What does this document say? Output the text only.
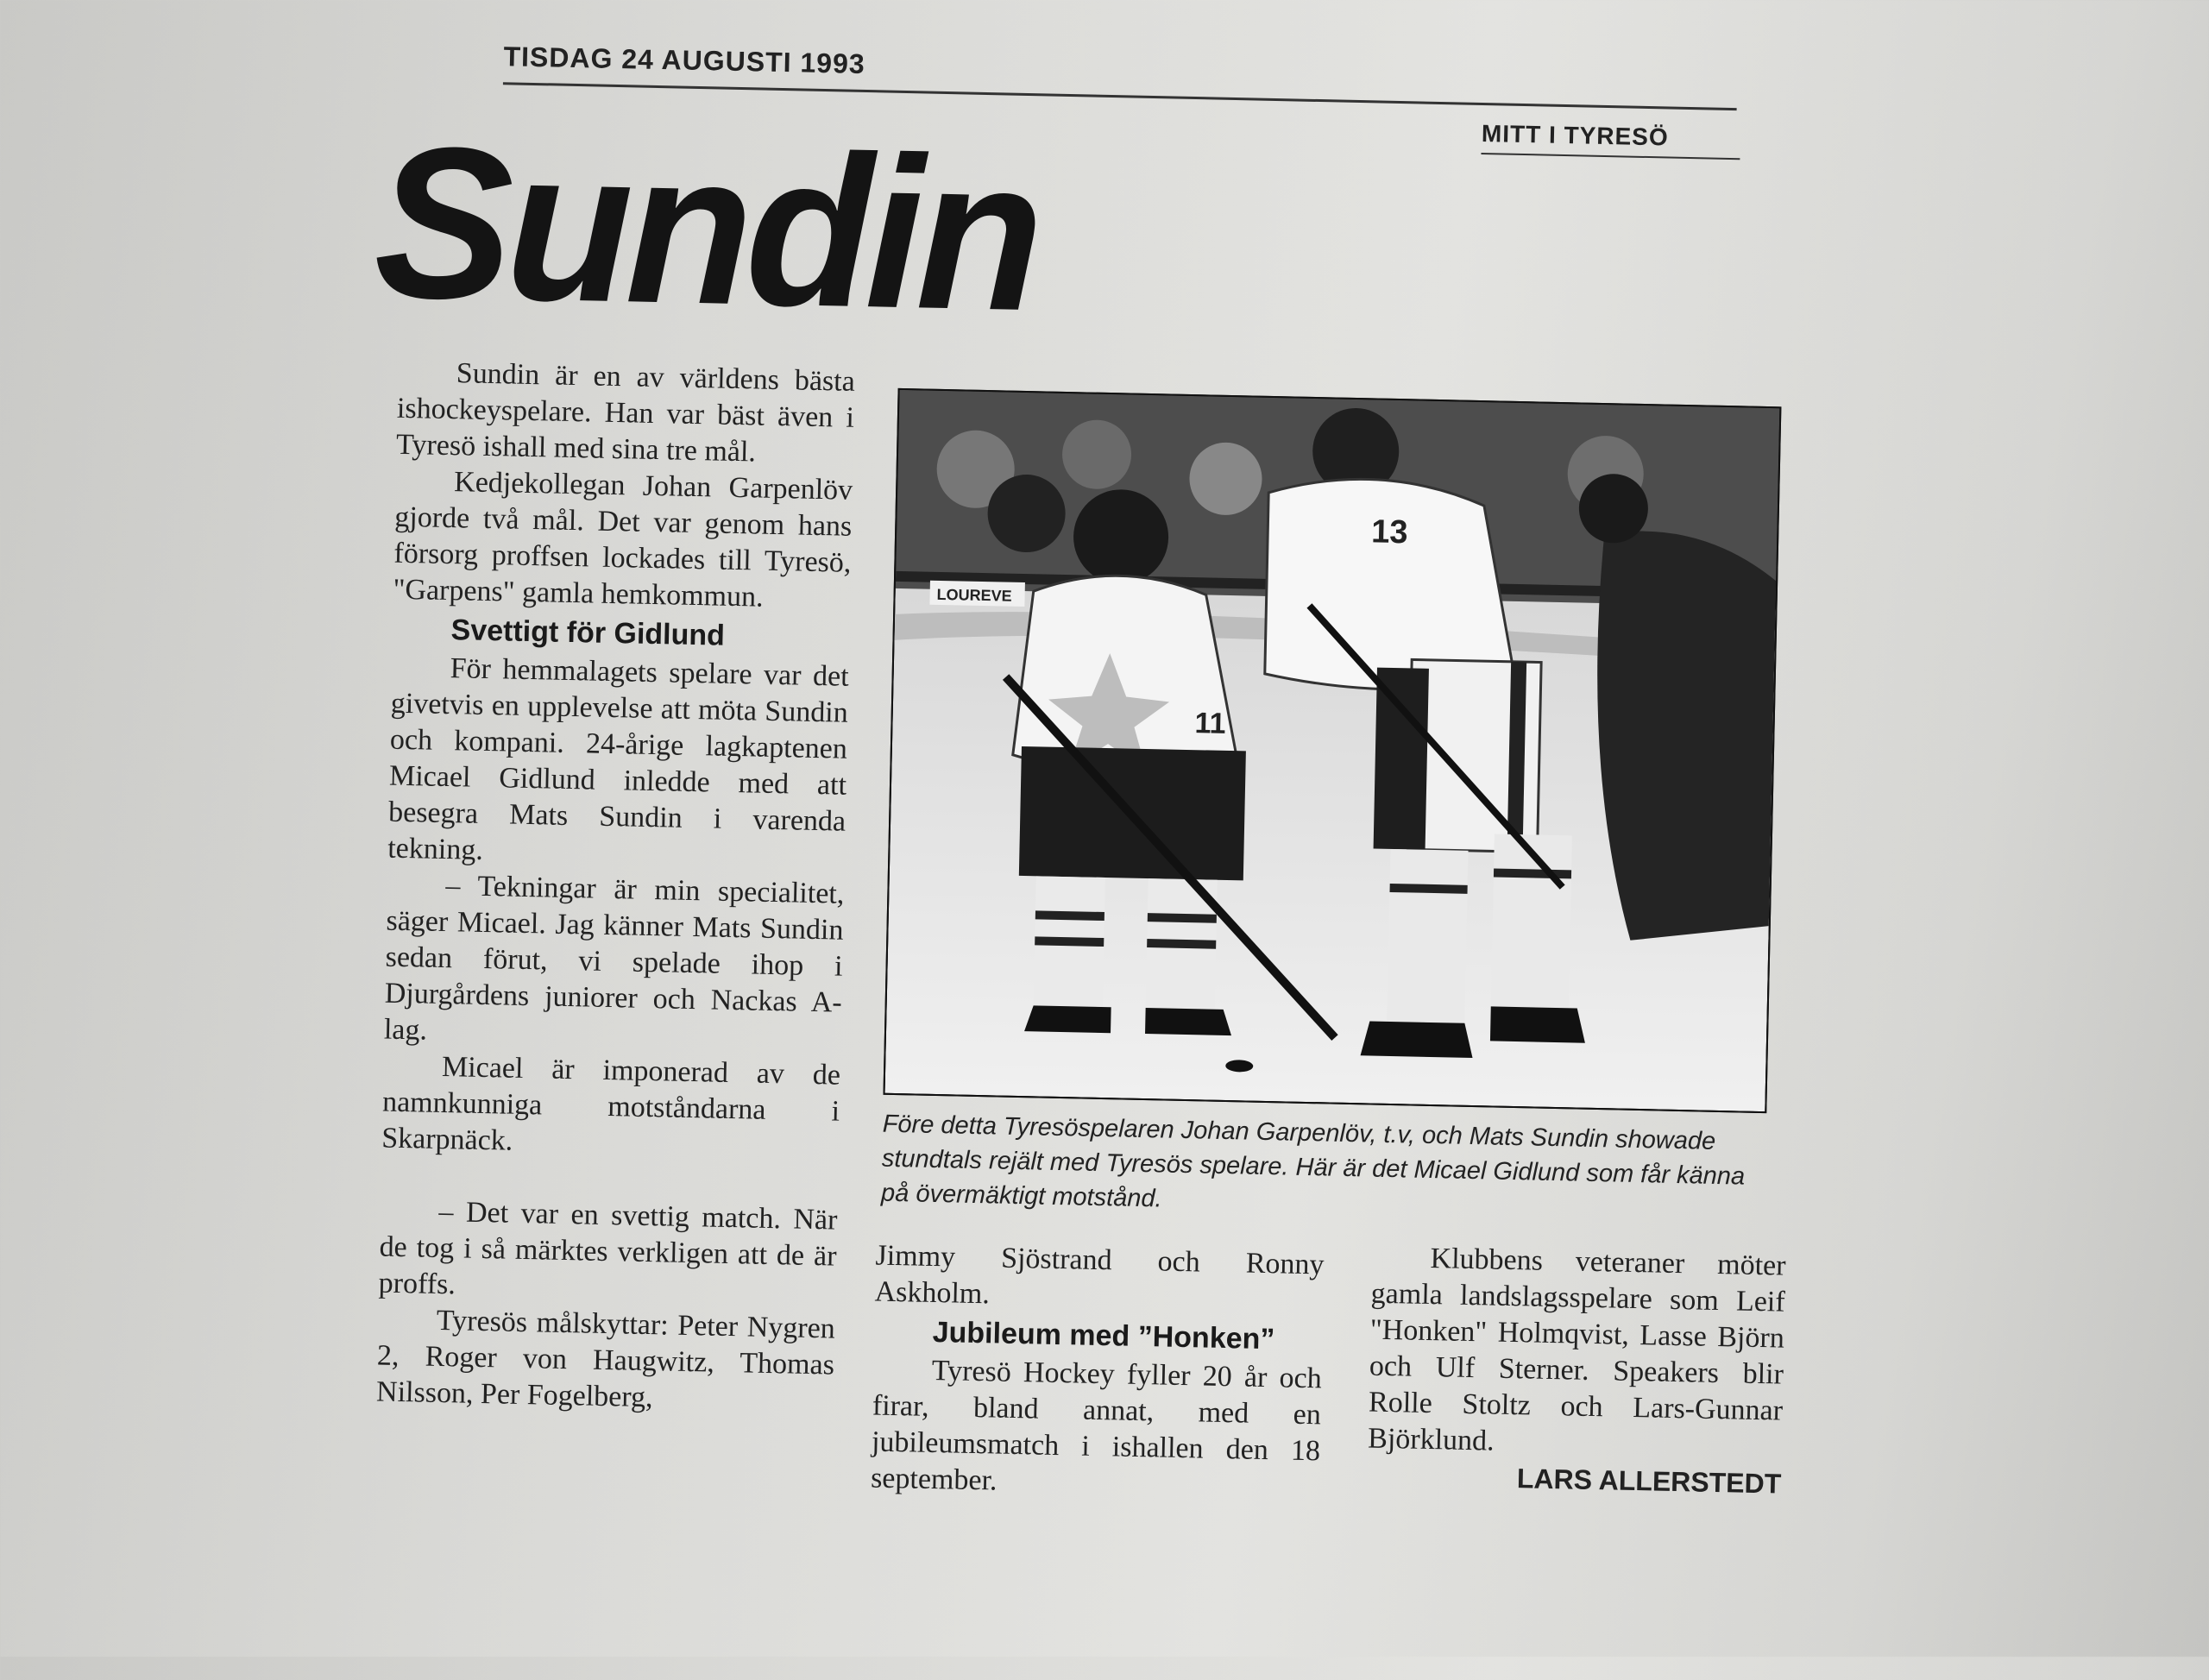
TISDAG 24 AUGUSTI 1993
MITT I TYRESÖ
Sundin

Sundin är en av världens bästa ishockeyspelare. Han var bäst även i Tyresö ishall med sina tre mål.

Kedjekollegan Johan Garpenlöv gjorde två mål. Det var genom hans försorg proffsen lockades till Tyresö, "Garpens" gamla hemkommun.

Svettigt för Gidlund

För hemmalagets spelare var det givetvis en upplevelse att möta Sundin och kompani. 24-årige lagkaptenen Micael Gidlund inledde med att besegra Mats Sundin i varenda tekning.

– Tekningar är min specialitet, säger Micael. Jag känner Mats Sundin sedan förut, vi spelade ihop i Djurgårdens juniorer och Nackas A-lag.

Micael är imponerad av de namnkunniga motståndarna i Skarpnäck.

– Det var en svettig match. När de tog i så märktes verkligen att de är proffs.

Tyresös målskyttar: Peter Nygren 2, Roger von Haugwitz, Thomas Nilsson, Per Fogelberg,

13
11
LOUREVE
Före detta Tyresöspelaren Johan Garpenlöv, t.v, och Mats Sundin showade stundtals rejält med Tyresös spelare. Här är det Micael Gidlund som får känna på övermäktigt motstånd.

Jimmy Sjöstrand och Ronny Askholm.

Jubileum med ”Honken”

Tyresö Hockey fyller 20 år och firar, bland annat, med en jubileumsmatch i ishallen den 18 september.

Klubbens veteraner möter gamla landslagsspelare som Leif "Honken" Holmqvist, Lasse Björn och Ulf Sterner. Speakers blir Rolle Stoltz och Lars-Gunnar Björklund.

LARS ALLERSTEDT
